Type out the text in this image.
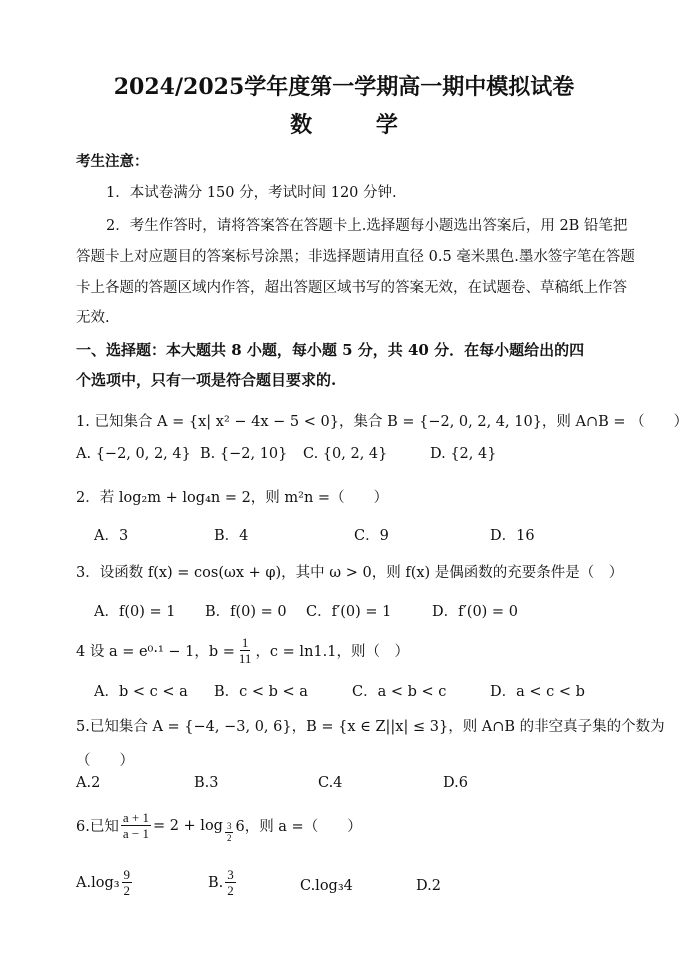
2024/2025学年度第一学期高一期中模拟试卷
数 学
考生注意：
1．本试卷满分 150 分，考试时间 120 分钟.
2．考生作答时，请将答案答在答题卡上.选择题每小题选出答案后，用 2B 铅笔把
答题卡上对应题目的答案标号涂黑；非选择题请用直径 0.5 毫米黑色.墨水签字笔在答题
卡上各题的答题区域内作答，超出答题区域书写的答案无效，在试题卷、草稿纸上作答
无效.
一、选择题：本大题共 8 小题，每小题 5 分，共 40 分．在每小题给出的四
个选项中，只有一项是符合题目要求的.
1. 已知集合 A = {x| x² − 4x − 5 < 0}，集合 B = {−2, 0, 2, 4, 10}，则 A∩B = （　　）
A. {−2, 0, 2, 4} B. {−2, 10} C. {0, 2, 4}	D. {2, 4}
2．若 log₂m + log₄n = 2，则 m²n =（　　）
A．3	B．4	C．9	D．16
3．设函数 f(x) = cos(ωx + φ)，其中 ω > 0，则 f(x) 是偶函数的充要条件是（　）
A．f(0) = 1 B．f(0) = 0 C．f′(0) = 1	D．f′(0) = 0
4 设 a = e⁰·¹ − 1，$b = \frac{1}{11}$ ，c = ln1.1，则（　）
A．b < c < a B．c < b < a	C．a < b < c	D．a < c < b
5.已知集合 A = {−4, −3, 0, 6}，B = {x ∈ Z||x| ≤ 3}，则 A∩B 的非空真子集的个数为
（　　）
A.2	B.3	C.4	D.6
6.已知 $\frac{a + 1}{a - 1} = 2 + \log \frac{3}{2} 6$，则 a =（　　）
$A.\log_3 \frac{9}{2}$	B. $\frac{3}{2}$	C.log₃4	D.2
